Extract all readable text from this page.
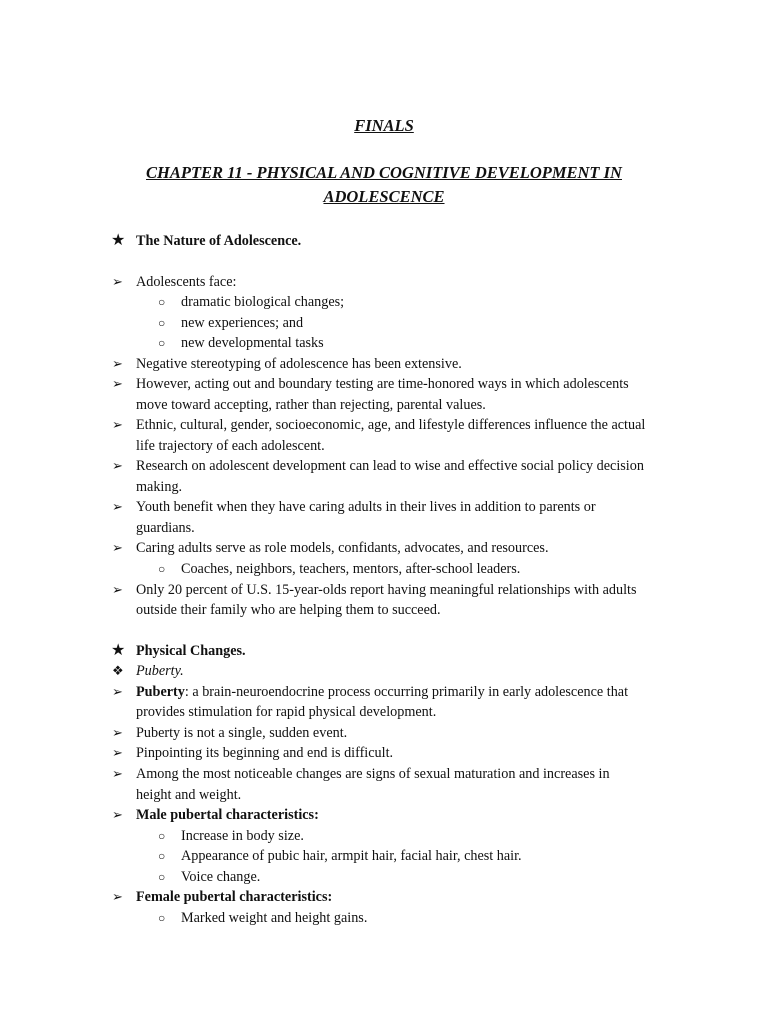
FINALS
CHAPTER 11 - PHYSICAL AND COGNITIVE DEVELOPMENT IN
ADOLESCENCE
★ The Nature of Adolescence.
➢ Adolescents face:
○ dramatic biological changes;
○ new experiences; and
○ new developmental tasks
➢ Negative stereotyping of adolescence has been extensive.
➢ However, acting out and boundary testing are time-honored ways in which adolescents
move toward accepting, rather than rejecting, parental values.
➢ Ethnic, cultural, gender, socioeconomic, age, and lifestyle differences influence the actual
life trajectory of each adolescent.
➢ Research on adolescent development can lead to wise and effective social policy decision
making.
➢ Youth benefit when they have caring adults in their lives in addition to parents or
guardians.
➢ Caring adults serve as role models, confidants, advocates, and resources.
○ Coaches, neighbors, teachers, mentors, after-school leaders.
➢ Only 20 percent of U.S. 15-year-olds report having meaningful relationships with adults
outside their family who are helping them to succeed.
★ Physical Changes.
❖ Puberty.
➢ Puberty: a brain-neuroendocrine process occurring primarily in early adolescence that
provides stimulation for rapid physical development.
➢ Puberty is not a single, sudden event.
➢ Pinpointing its beginning and end is difficult.
➢ Among the most noticeable changes are signs of sexual maturation and increases in
height and weight.
➢ Male pubertal characteristics:
○ Increase in body size.
○ Appearance of pubic hair, armpit hair, facial hair, chest hair.
○ Voice change.
➢ Female pubertal characteristics:
○ Marked weight and height gains.
